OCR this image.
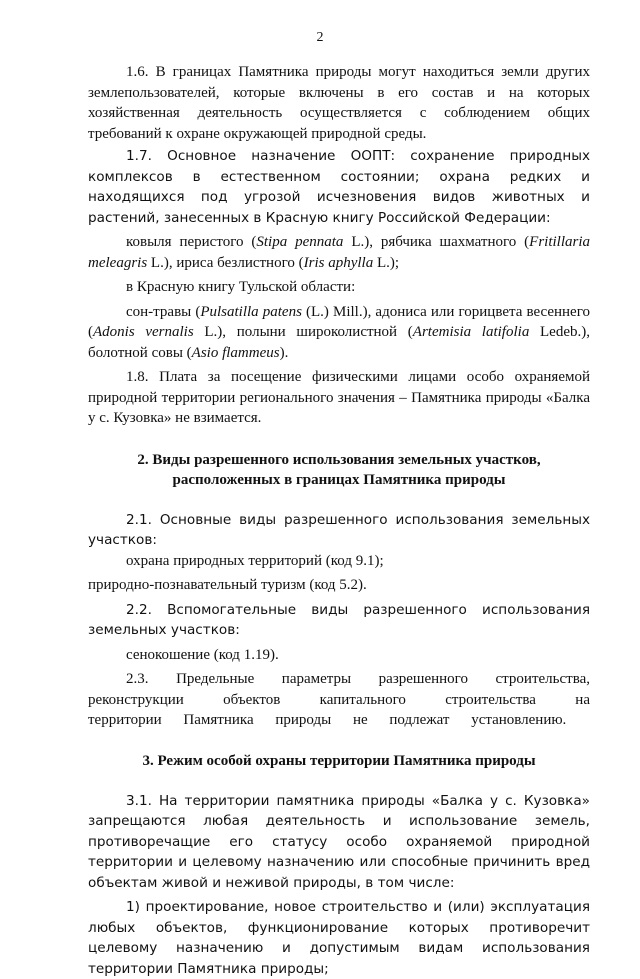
2

1.6. В границах Памятника природы могут находиться земли других землепользователей, которые включены в его состав и на которых хозяйственная деятельность осуществляется с соблюдением общих требований к охране окружающей природной среды.

1.7. Основное назначение ООПТ: сохранение природных комплексов в естественном состоянии; охрана редких и находящихся под угрозой исчезновения видов животных и растений, занесенных в Красную книгу Российской Федерации:

ковыля перистого (Stipa pennata L.), рябчика шахматного (Fritillaria meleagris L.), ириса безлистного (Iris aphylla L.);

в Красную книгу Тульской области:

сон-травы (Pulsatilla patens (L.) Mill.), адониса или горицвета весеннего (Adonis vernalis L.), полыни широколистной (Artemisia latifolia Ledeb.), болотной совы (Asio flammeus).

1.8. Плата за посещение физическими лицами особо охраняемой природной территории регионального значения – Памятника природы «Балка у с. Кузовка» не взимается.

2. Виды разрешенного использования земельных участков,
расположенных в границах Памятника природы

2.1. Основные виды разрешенного использования земельных участков:

охрана природных территорий (код 9.1);

природно-познавательный туризм (код 5.2).

2.2. Вспомогательные виды разрешенного использования земельных участков:

сенокошение (код 1.19).

2.3. Предельные параметры разрешенного строительства, реконструкции объектов капитального строительства на территории Памятника природы не подлежат установлению.

3. Режим особой охраны территории Памятника природы

3.1. На территории памятника природы «Балка у с. Кузовка» запрещаются любая деятельность и использование земель, противоречащие его статусу особо охраняемой природной территории и целевому назначению или способные причинить вред объектам живой и неживой природы, в том числе:

1) проектирование, новое строительство и (или) эксплуатация любых объектов, функционирование которых противоречит целевому назначению и допустимым видам использования территории Памятника природы;
